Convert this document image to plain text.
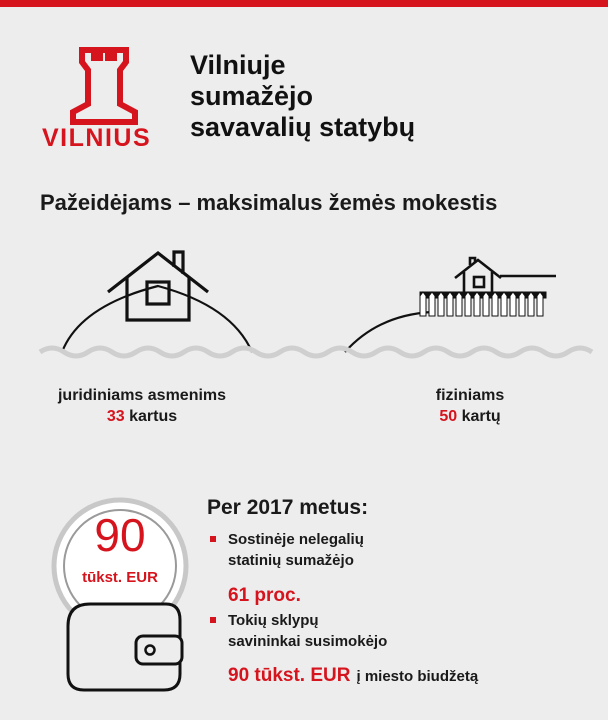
VILNIUS
Vilniuje
sumažėjo
savavalių statybų
Pažeidėjams – maksimalus žemės mokestis
juridiniams asmenims
33 kartus
fiziniams
50 kartų
90
tūkst. EUR
Per 2017 metus:
Sostinėje nelegalių
statinių sumažėjo
61 proc.
Tokių sklypų
savininkai susimokėjo
90 tūkst. EUR į miesto biudžetą
